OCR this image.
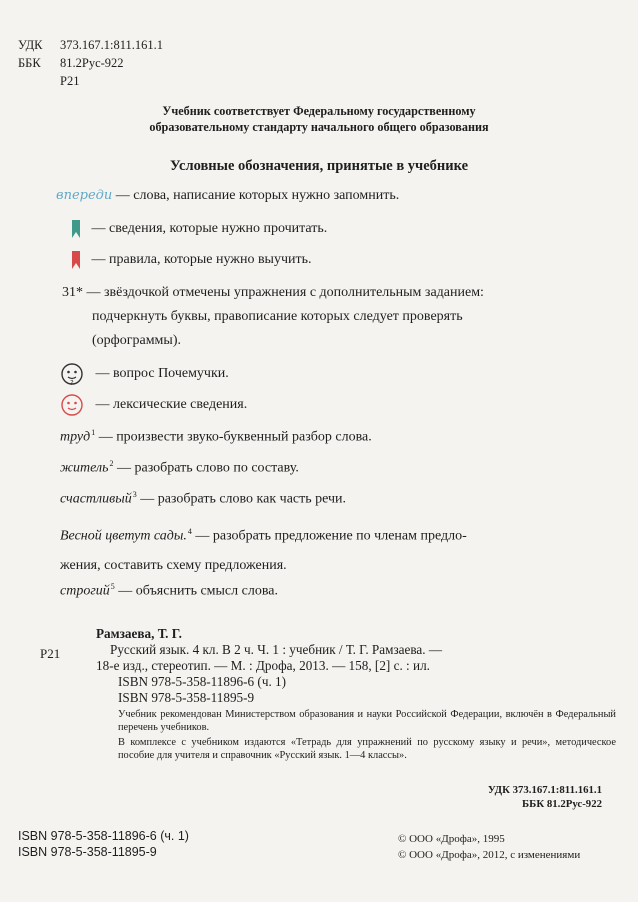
УДК 373.167.1:811.161.1
ББК 81.2Рус-922
Р21
Учебник соответствует Федеральному государственному
образовательному стандарту начального общего образования
Условные обозначения, принятые в учебнике
впереди — слова, написание которых нужно запомнить.
— сведения, которые нужно прочитать.
— правила, которые нужно выучить.
31* — звёздочкой отмечены упражнения с дополнительным заданием:
подчеркнуть буквы, правописание которых следует проверять
(орфограммы).
?
— вопрос Почемучки.
— лексические сведения.
труд$^1$ — произвести звуко-буквенный разбор слова.
житель$^2$ — разобрать слово по составу.
счастливый$^3$ — разобрать слово как часть речи.
Весной цветут сады.$^4$ — разобрать предложение по членам предло-
жения, составить схему предложения.
строгий$^5$ — объяснить смысл слова.
Р21
Рамзаева, Т. Г.
Русский язык. 4 кл. В 2 ч. Ч. 1 : учебник / Т. Г. Рамзаева. —
18-е изд., стереотип. — М. : Дрофа, 2013. — 158, [2] с. : ил.
ISBN 978-5-358-11896-6 (ч. 1)
ISBN 978-5-358-11895-9
Учебник рекомендован Министерством образования и науки Российской Федерации, включён в Федеральный перечень учебников.
В комплексе с учебником издаются «Тетрадь для упражнений по русскому языку и речи», методическое пособие для учителя и справочник «Русский язык. 1—4 классы».
УДК 373.167.1:811.161.1
ББК 81.2Рус-922
ISBN 978-5-358-11896-6 (ч. 1)
ISBN 978-5-358-11895-9
© ООО «Дрофа», 1995
© ООО «Дрофа», 2012, с изменениями
